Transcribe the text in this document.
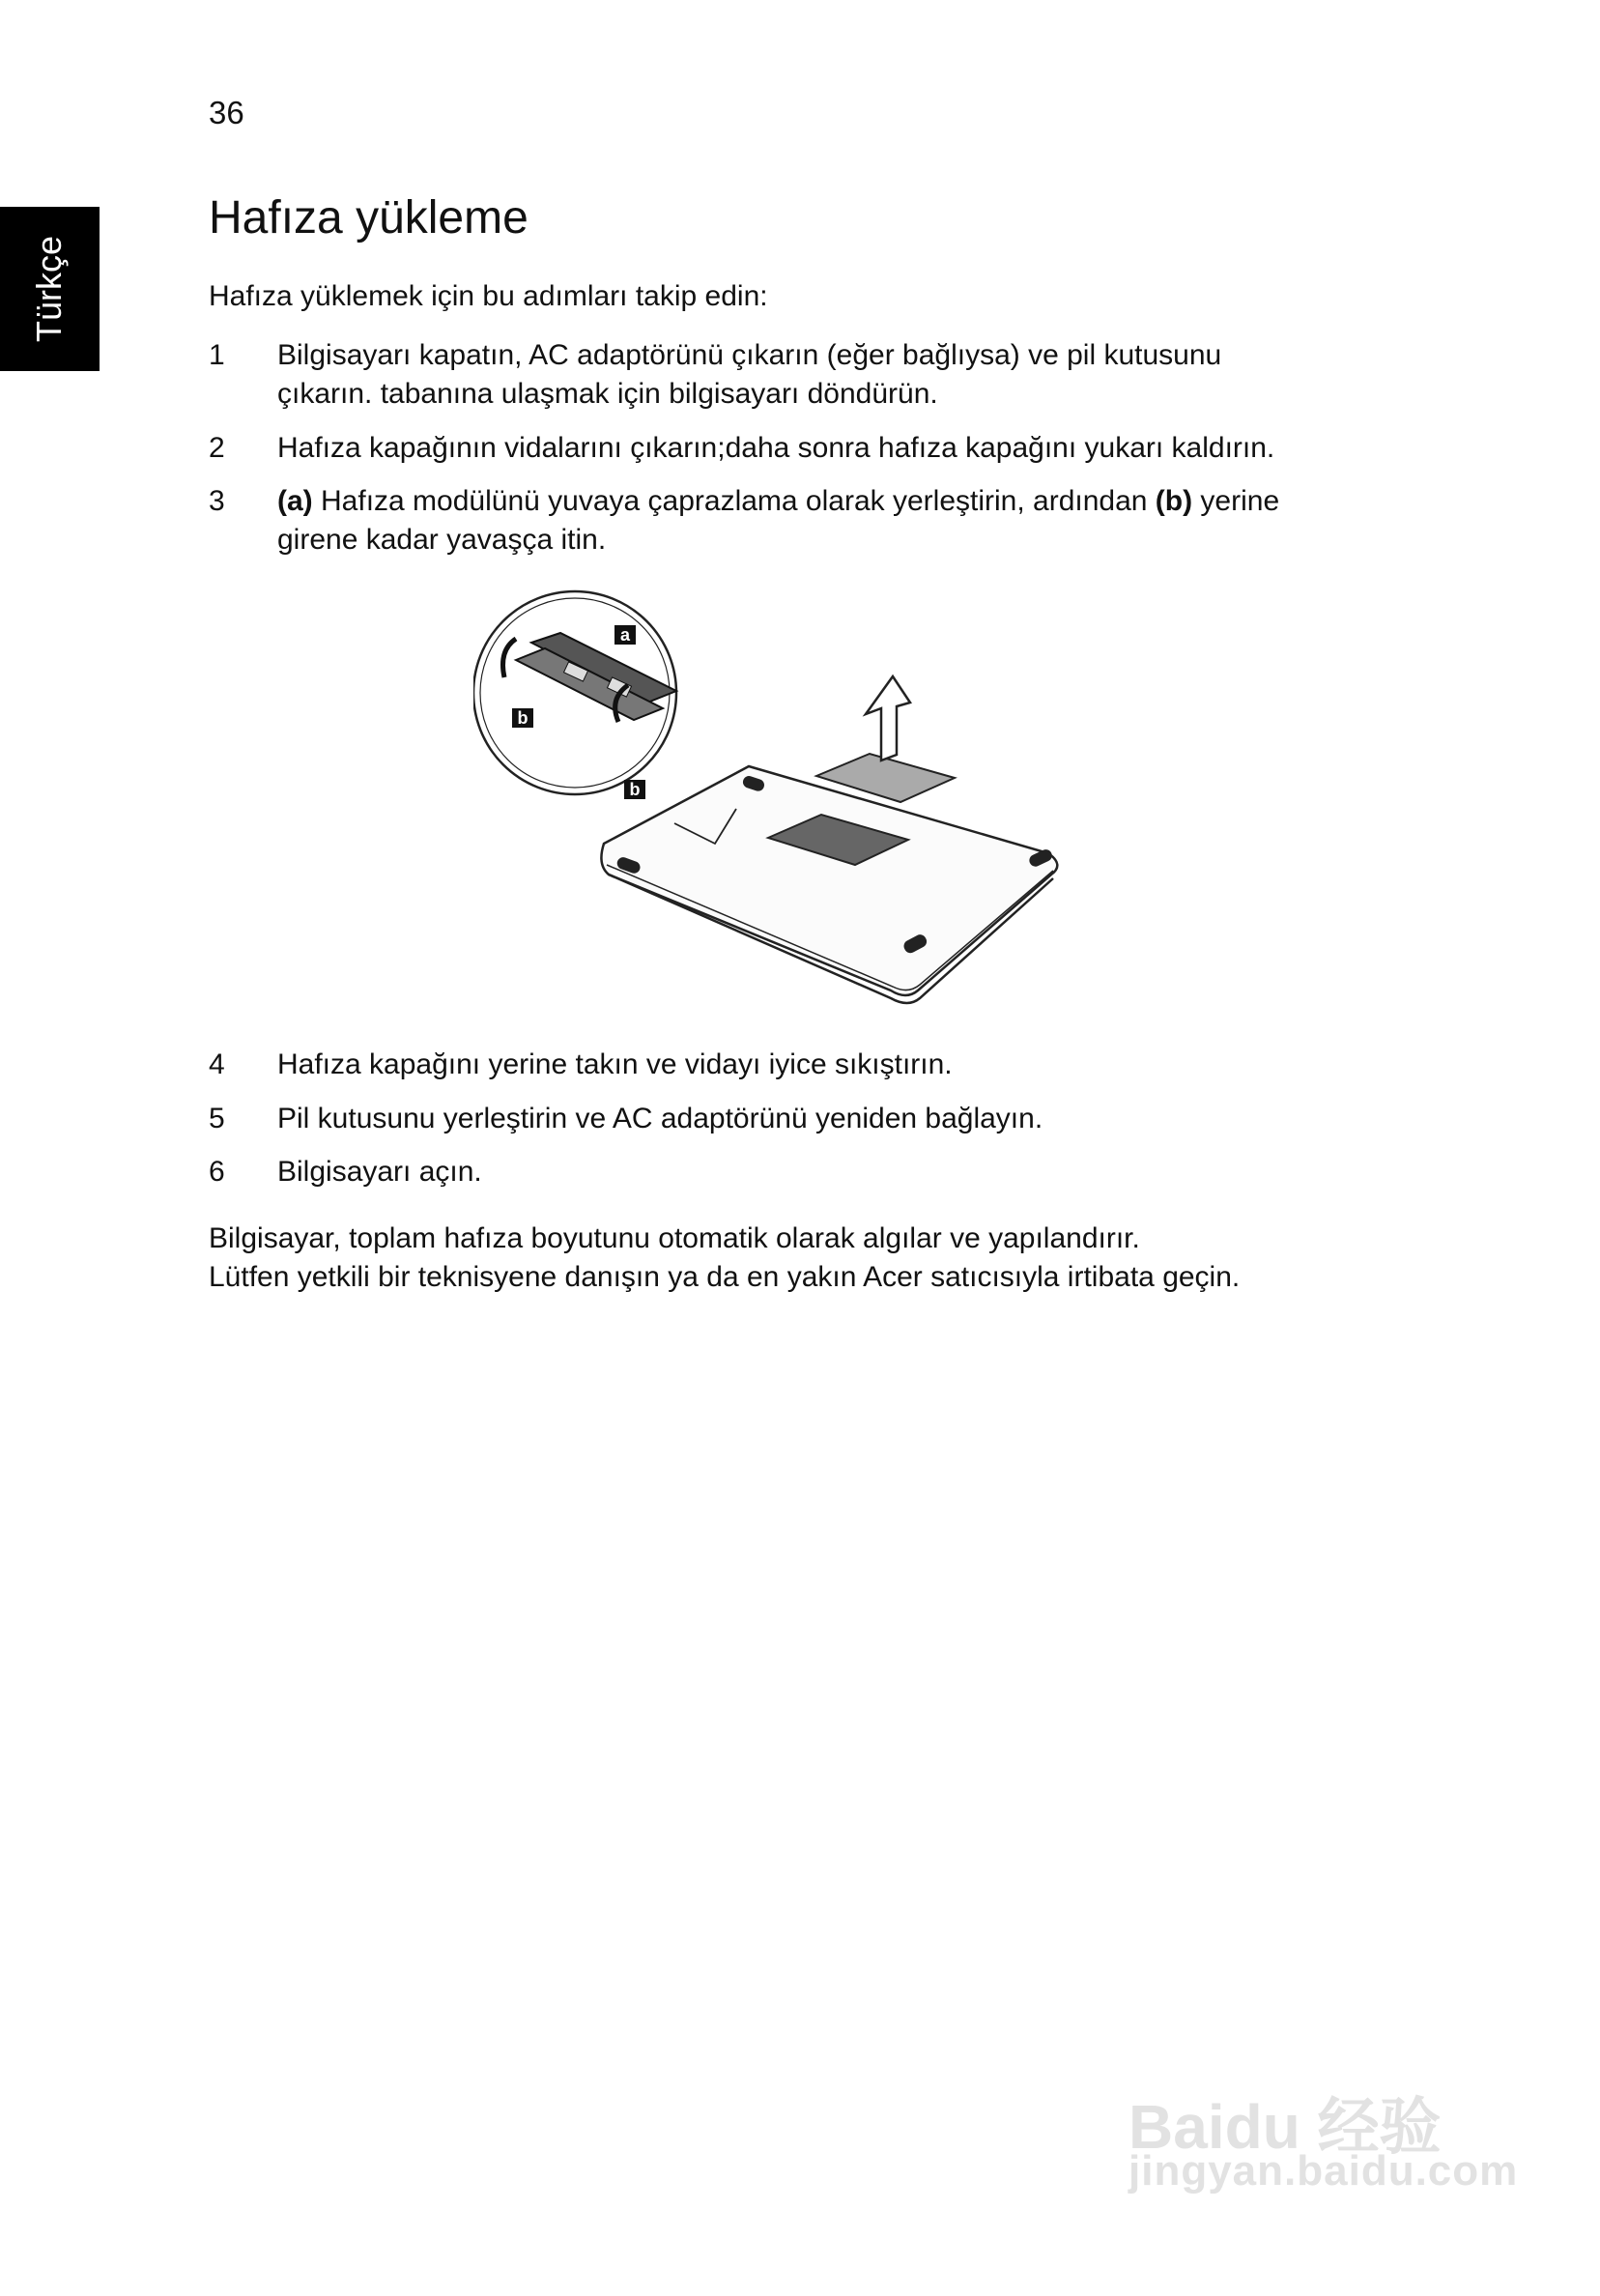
36
Türkçe
Hafıza yükleme

Hafıza yüklemek için bu adımları takip edin:

1 Bilgisayarı kapatın, AC adaptörünü çıkarın (eğer bağlıysa) ve pil kutusunu
çıkarın. tabanına ulaşmak için bilgisayarı döndürün.
2 Hafıza kapağının vidalarını çıkarın;daha sonra hafıza kapağını yukarı kaldırın.
3 (a) Hafıza modülünü yuvaya çaprazlama olarak yerleştirin, ardından (b) yerine
girene kadar yavaşça itin.
a
b
b
4 Hafıza kapağını yerine takın ve vidayı iyice sıkıştırın.
5 Pil kutusunu yerleştirin ve AC adaptörünü yeniden bağlayın.
6 Bilgisayarı açın.
Bilgisayar, toplam hafıza boyutunu otomatik olarak algılar ve yapılandırır.
Lütfen yetkili bir teknisyene danışın ya da en yakın Acer satıcısıyla irtibata geçin.
Baidu 经验
jingyan.baidu.com
